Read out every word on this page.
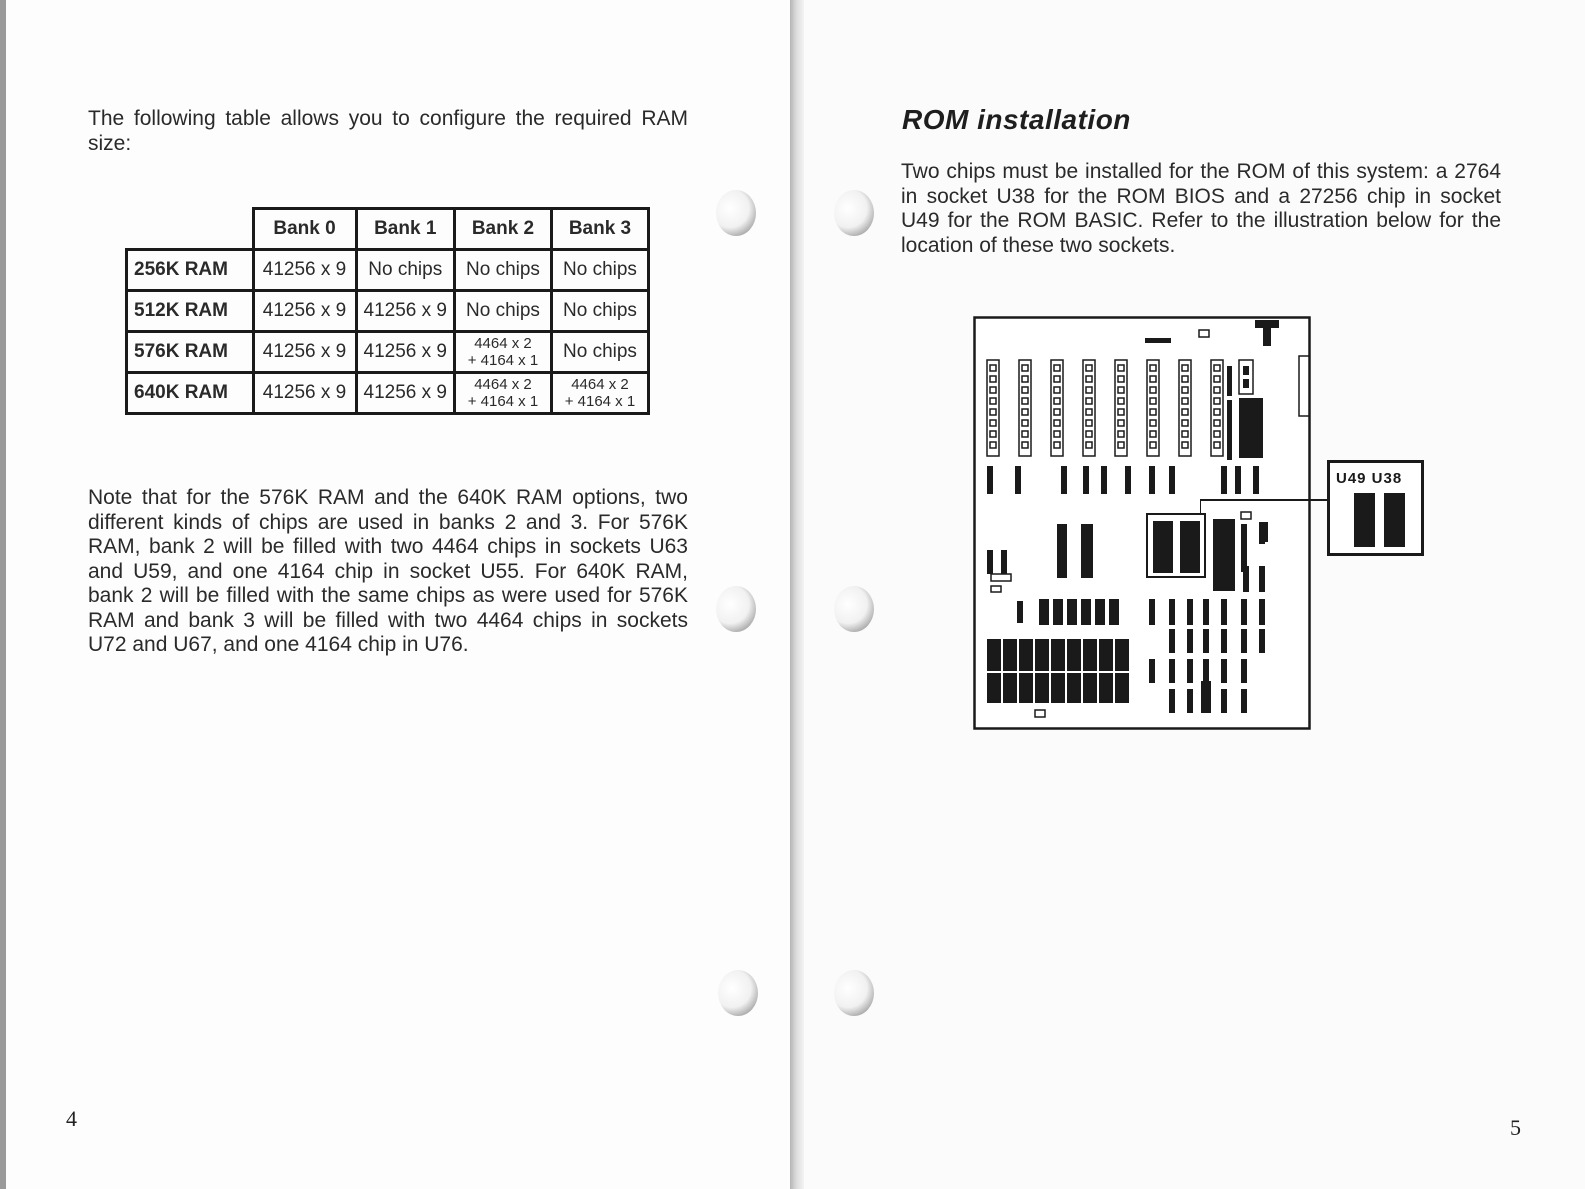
The following table allows you to configure the required RAM size:

	Bank 0	Bank 1	Bank 2	Bank 3
256K RAM	41256 x 9	No chips	No chips	No chips
512K RAM	41256 x 9	41256 x 9	No chips	No chips
576K RAM	41256 x 9	41256 x 9	4464 x 2
+ 4164 x 1	No chips
640K RAM	41256 x 9	41256 x 9	4464 x 2
+ 4164 x 1	4464 x 2
+ 4164 x 1

Note that for the 576K RAM and the 640K RAM options, two different kinds of chips are used in banks 2 and 3. For 576K RAM, bank 2 will be filled with two 4464 chips in sockets U63 and U59, and one 4164 chip in socket U55. For 640K RAM, bank 2 will be filled with the same chips as were used for 576K RAM and bank 3 will be filled with two 4464 chips in sockets U72 and U67, and one 4164 chip in U76.

4
ROM installation

Two chips must be installed for the ROM of this system: a 2764 in socket U38 for the ROM BIOS and a 27256 chip in socket U49 for the ROM BASIC. Refer to the illustration below for the location of these two sockets.

U49 U38
5
